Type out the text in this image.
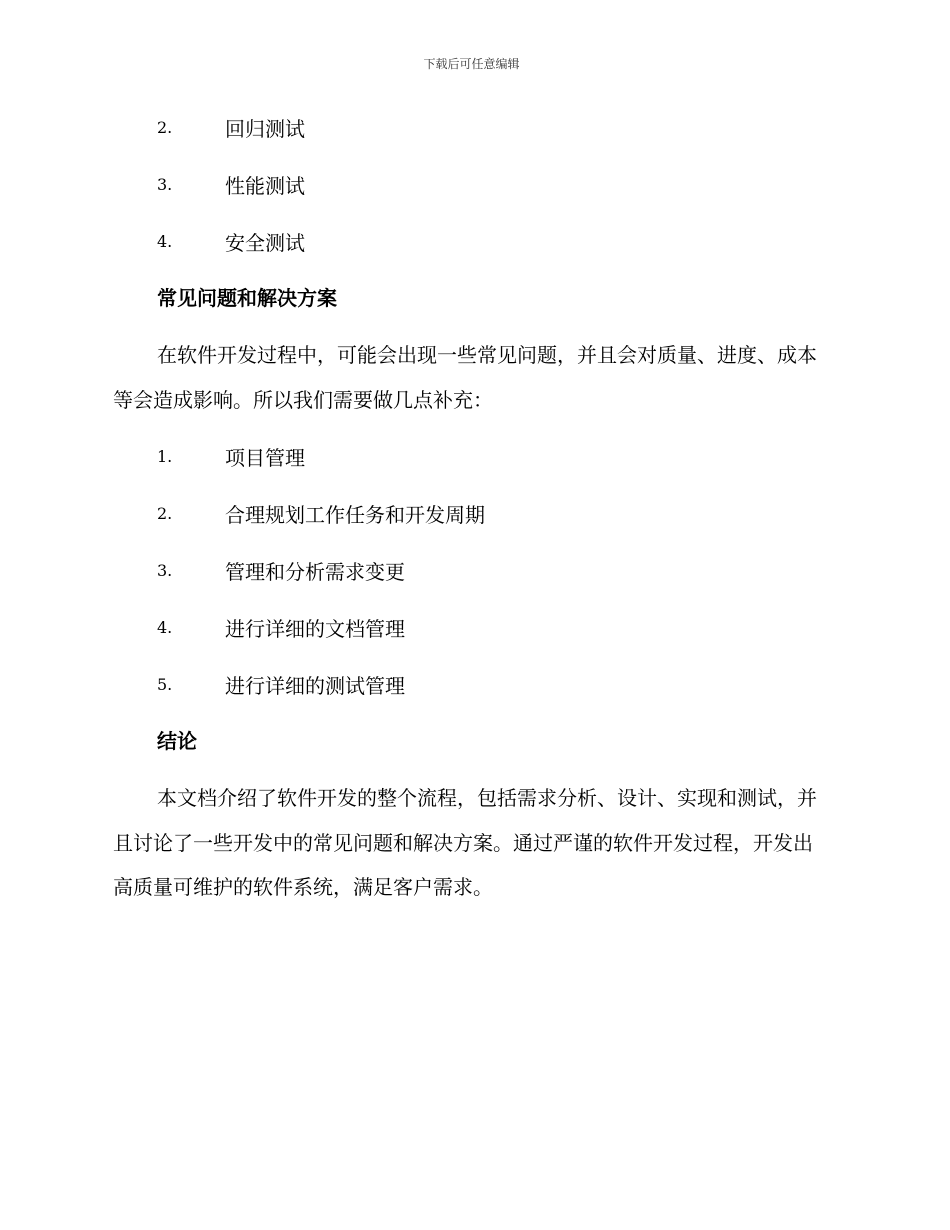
下载后可任意编辑
2.	回归测试
3.	性能测试
4.	安全测试
常见问题和解决方案

在软件开发过程中，可能会出现一些常见问题，并且会对质量、进度、成本等会造成影响。所以我们需要做几点补充：

1.	项目管理
2.	合理规划工作任务和开发周期
3.	管理和分析需求变更
4.	进行详细的文档管理
5.	进行详细的测试管理
结论

本文档介绍了软件开发的整个流程，包括需求分析、设计、实现和测试，并且讨论了一些开发中的常见问题和解决方案。通过严谨的软件开发过程，开发出高质量可维护的软件系统，满足客户需求。
